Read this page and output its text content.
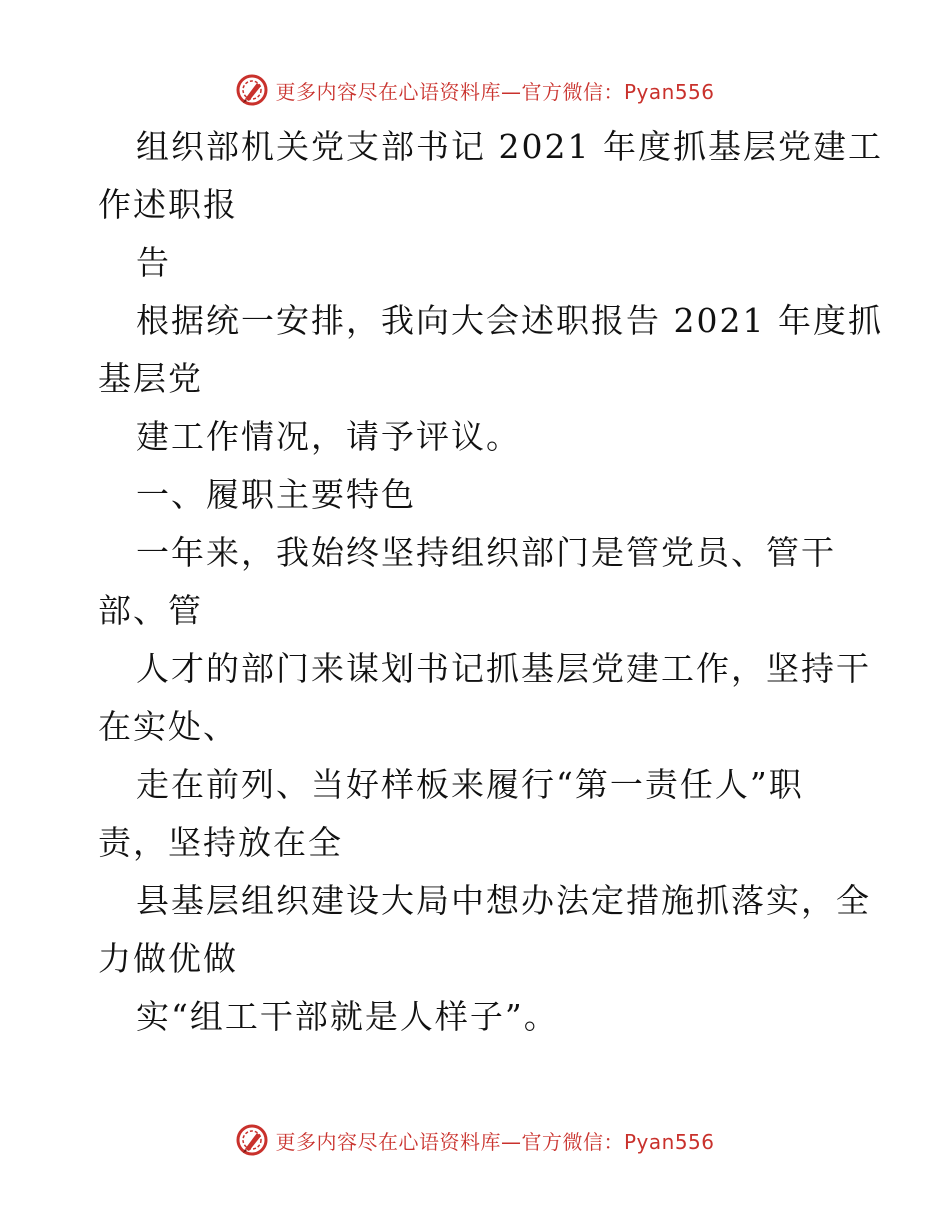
更多内容尽在心语资料库—官方微信：Pyan556
组织部机关党支部书记 2021 年度抓基层党建工
作述职报
告
根据统一安排，我向大会述职报告 2021 年度抓
基层党
建工作情况，请予评议。
一、履职主要特色
一年来，我始终坚持组织部门是管党员、管干
部、管
人才的部门来谋划书记抓基层党建工作，坚持干
在实处、
走在前列、当好样板来履行“第一责任人”职
责，坚持放在全
县基层组织建设大局中想办法定措施抓落实，全
力做优做
实“组工干部就是人样子”。
更多内容尽在心语资料库—官方微信：Pyan556
